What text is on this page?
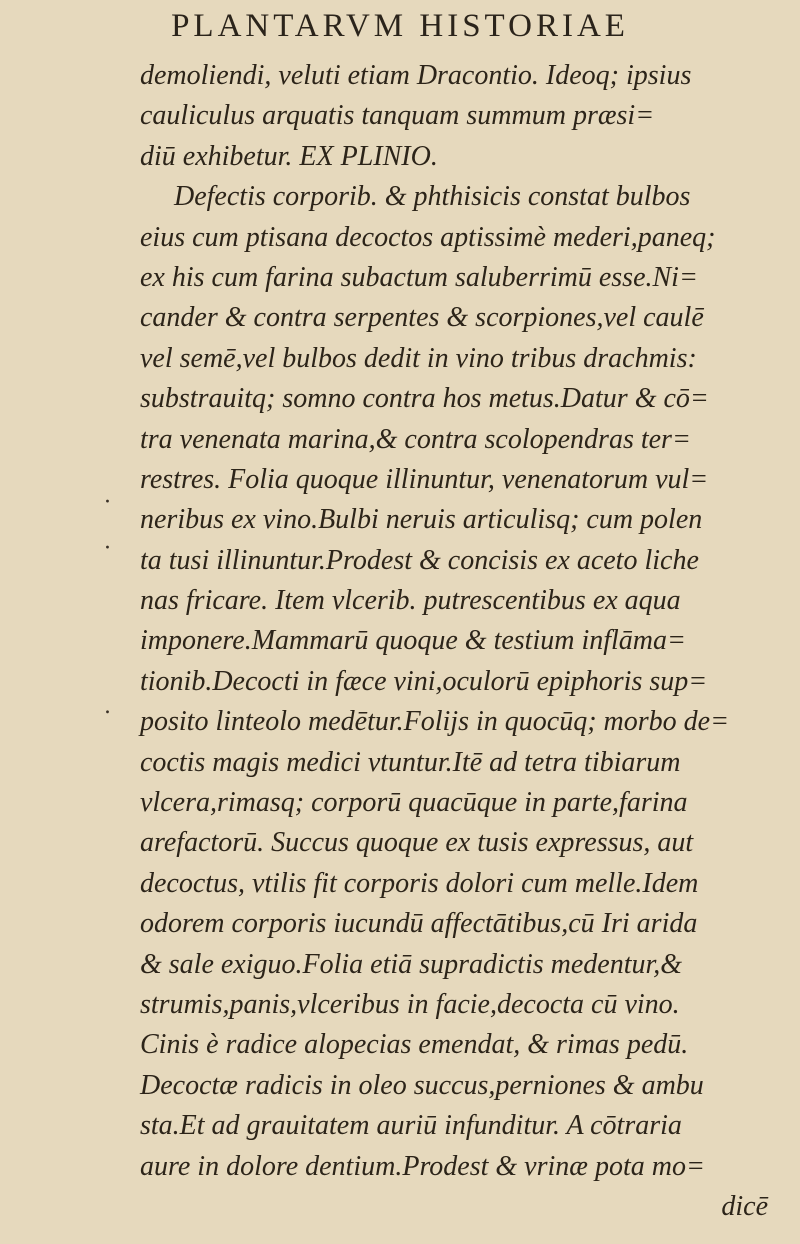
PLANTARVM HISTORIAE
·
·
.
demoliendi, veluti etiam Dracontio. Ideoq; ipsius
cauliculus arquatis tanquam summum præsi=
diū exhibetur. EX PLINIO.
Defectis corporib. & phthisicis constat bulbos
eius cum ptisana decoctos aptissimè mederi,paneq;
ex his cum farina subactum saluberrimū esse.Ni=
cander & contra serpentes & scorpiones,vel caulē
vel semē,vel bulbos dedit in vino tribus drachmis:
substrauitq; somno contra hos metus.Datur & cō=
tra venenata marina,& contra scolopendras ter=
restres. Folia quoque illinuntur, venenatorum vul=
neribus ex vino.Bulbi neruis articulisq; cum polen
ta tusi illinuntur.Prodest & concisis ex aceto liche
nas fricare. Item vlcerib. putrescentibus ex aqua
imponere.Mammarū quoque & testium inflāma=
tionib.Decocti in fæce vini,oculorū epiphoris sup=
posito linteolo medētur.Folijs in quocūq; morbo de=
coctis magis medici vtuntur.Itē ad tetra tibiarum
vlcera,rimasq; corporū quacūque in parte,farina
arefactorū. Succus quoque ex tusis expressus, aut
decoctus, vtilis fit corporis dolori cum melle.Idem
odorem corporis iucundū affectātibus,cū Iri arida
& sale exiguo.Folia etiā supradictis medentur,&
strumis,panis,vlceribus in facie,decocta cū vino.
Cinis è radice alopecias emendat, & rimas pedū.
Decoctæ radicis in oleo succus,perniones & ambu
sta.Et ad grauitatem auriū infunditur. A cōtraria
aure in dolore dentium.Prodest & vrinæ pota mo=
dicē
